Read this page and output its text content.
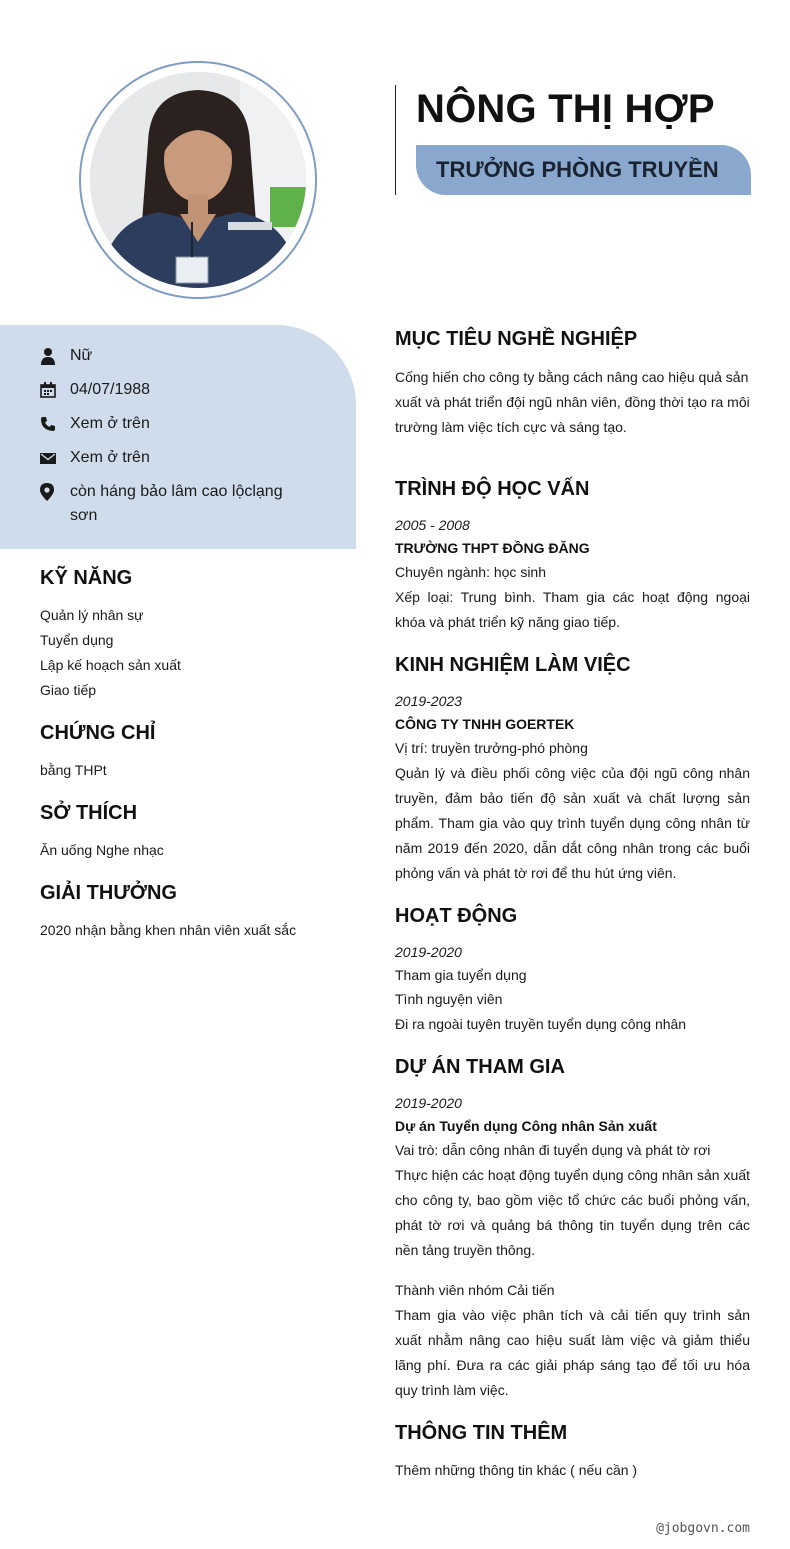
NÔNG THỊ HỢP
TRƯỞNG PHÒNG TRUYỀN
Nữ
04/07/1988
Xem ở trên
Xem ở trên
còn háng bảo lâm cao lộclạng sơn
KỸ NĂNG
Quản lý nhân sự
Tuyển dụng
Lập kế hoạch sản xuất
Giao tiếp
CHỨNG CHỈ
bằng THPt
SỞ THÍCH
Ăn uống Nghe nhạc
GIẢI THƯỞNG
2020 nhận bằng khen nhân viên xuất sắc
MỤC TIÊU NGHỀ NGHIỆP
Cống hiến cho công ty bằng cách nâng cao hiệu quả sản xuất và phát triển đội ngũ nhân viên, đồng thời tạo ra môi trường làm việc tích cực và sáng tạo.
TRÌNH ĐỘ HỌC VẤN
2005 - 2008
TRƯỜNG THPT ĐỒNG ĐĂNG
Chuyên ngành: học sinh
Xếp loại: Trung bình. Tham gia các hoạt động ngoại khóa và phát triển kỹ năng giao tiếp.
KINH NGHIỆM LÀM VIỆC
2019-2023
CÔNG TY TNHH GOERTEK
Vị trí: truyền trưởng-phó phòng
Quản lý và điều phối công việc của đội ngũ công nhân truyền, đảm bảo tiến độ sản xuất và chất lượng sản phẩm. Tham gia vào quy trình tuyển dụng công nhân từ năm 2019 đến 2020, dẫn dắt công nhân trong các buổi phỏng vấn và phát tờ rơi để thu hút ứng viên.
HOẠT ĐỘNG
2019-2020
Tham gia tuyển dụng
Tình nguyện viên
Đi ra ngoài tuyên truyền tuyển dụng công nhân
DỰ ÁN THAM GIA
2019-2020
Dự án Tuyển dụng Công nhân Sản xuất
Vai trò: dẫn công nhân đi tuyển dụng và phát tờ rơi
Thực hiện các hoạt động tuyển dụng công nhân sản xuất cho công ty, bao gồm việc tổ chức các buổi phỏng vấn, phát tờ rơi và quảng bá thông tin tuyển dụng trên các nền tảng truyền thông.
Thành viên nhóm Cải tiến
Tham gia vào việc phân tích và cải tiến quy trình sản xuất nhằm nâng cao hiệu suất làm việc và giảm thiểu lãng phí. Đưa ra các giải pháp sáng tạo để tối ưu hóa quy trình làm việc.
THÔNG TIN THÊM
Thêm những thông tin khác ( nếu cần )
@jobgovn.com
